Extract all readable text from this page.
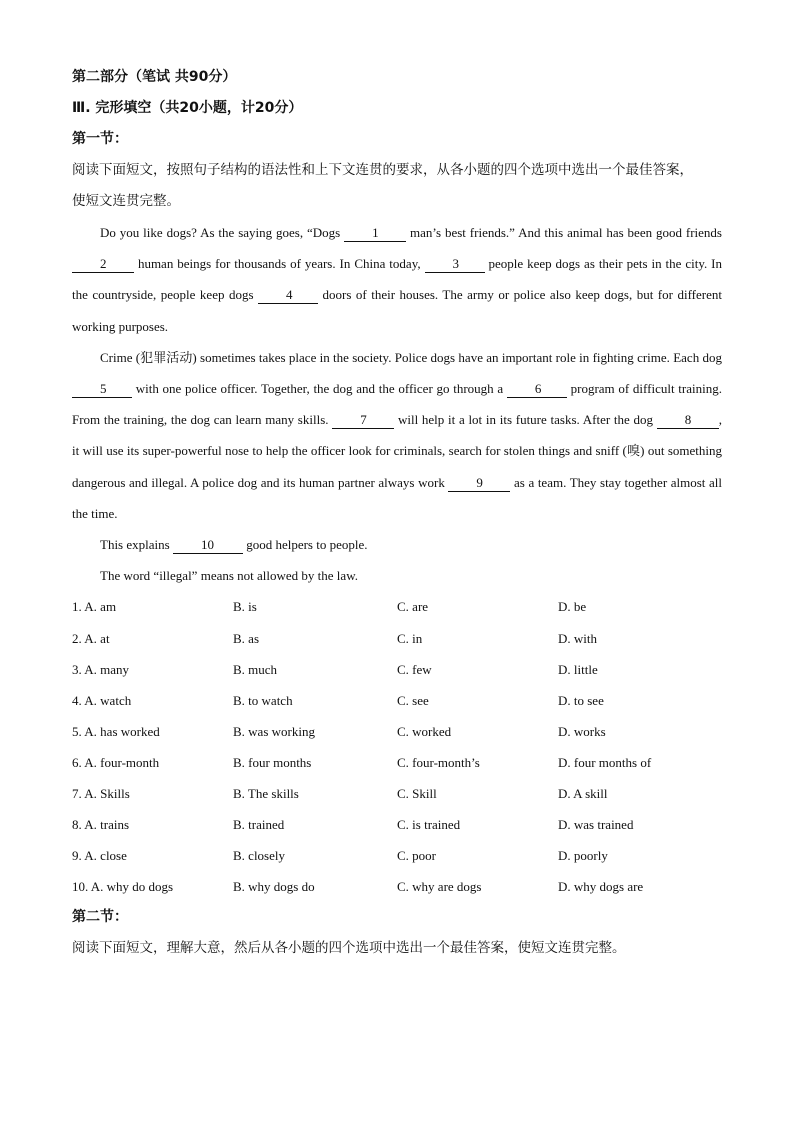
第二部分（笔试 共90分）
Ⅲ. 完形填空（共20小题，计20分）
第一节：
阅读下面短文，按照句子结构的语法性和上下文连贯的要求，从各小题的四个选项中选出一个最佳答案，
使短文连贯完整。
Do you like dogs? As the saying goes, “Dogs 1 man’s best friends.” And this animal has been good friends 2 human beings for thousands of years. In China today, 3 people keep dogs as their pets in the city. In the countryside, people keep dogs 4 doors of their houses. The army or police also keep dogs, but for different working purposes.
Crime (犯罪活动) sometimes takes place in the society. Police dogs have an important role in fighting crime. Each dog 5 with one police officer. Together, the dog and the officer go through a 6 program of difficult training. From the training, the dog can learn many skills. 7 will help it a lot in its future tasks. After the dog 8 , it will use its super-powerful nose to help the officer look for criminals, search for stolen things and sniff (嗅) out something dangerous and illegal. A police dog and its human partner always work 9 as a team. They stay together almost all the time.
This explains 10 good helpers to people.
The word “illegal” means not allowed by the law.
1. A. am	B. is	C. are	D. be
2. A. at	B. as	C. in	D. with
3. A. many	B. much	C. few	D. little
4. A. watch	B. to watch	C. see	D. to see
5. A. has worked	B. was working	C. worked	D. works
6. A. four-month	B. four months	C. four-month’s	D. four months of
7. A. Skills	B. The skills	C. Skill	D. A skill
8. A. trains	B. trained	C. is trained	D. was trained
9. A. close	B. closely	C. poor	D. poorly
10. A. why do dogs	B. why dogs do	C. why are dogs	D. why dogs are
第二节：
阅读下面短文，理解大意，然后从各小题的四个选项中选出一个最佳答案，使短文连贯完整。
